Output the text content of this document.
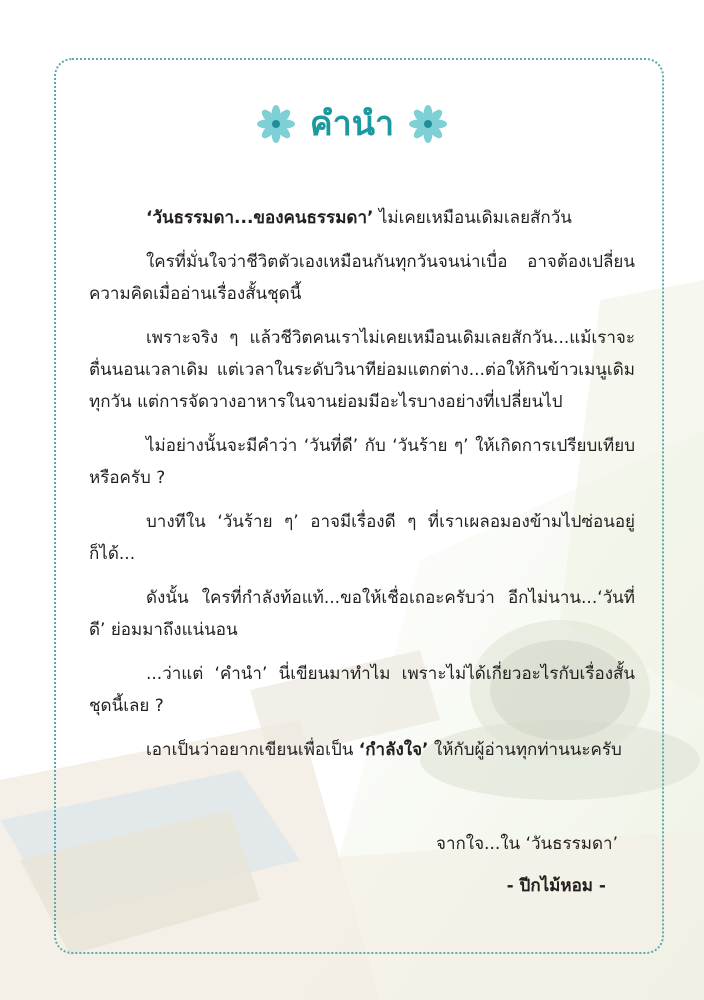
คำนำ

‘วันธรรมดา...ของคนธรรมดา’ ไม่เคยเหมือนเดิมเลยสักวัน

ใครที่มั่นใจว่าชีวิตตัวเองเหมือนกันทุกวันจนน่าเบื่อ อาจต้องเปลี่ยนความคิดเมื่ออ่านเรื่องสั้นชุดนี้

เพราะจริง ๆ แล้วชีวิตคนเราไม่เคยเหมือนเดิมเลยสักวัน...แม้เราจะตื่นนอนเวลาเดิม แต่เวลาในระดับวินาทีย่อมแตกต่าง...ต่อให้กินข้าวเมนูเดิมทุกวัน แต่การจัดวางอาหารในจานย่อมมีอะไรบางอย่างที่เปลี่ยนไป

ไม่อย่างนั้นจะมีคำว่า ‘วันที่ดี’ กับ ‘วันร้าย ๆ’ ให้เกิดการเปรียบเทียบหรือครับ ?

บางทีใน ‘วันร้าย ๆ’ อาจมีเรื่องดี ๆ ที่เราเผลอมองข้ามไปซ่อนอยู่ก็ได้...

ดังนั้น ใครที่กำลังท้อแท้...ขอให้เชื่อเถอะครับว่า อีกไม่นาน...‘วันที่ดี’ ย่อมมาถึงแน่นอน

...ว่าแต่ ‘คำนำ’ นี่เขียนมาทำไม เพราะไม่ได้เกี่ยวอะไรกับเรื่องสั้นชุดนี้เลย ?

เอาเป็นว่าอยากเขียนเพื่อเป็น ‘กำลังใจ’ ให้กับผู้อ่านทุกท่านนะครับ

จากใจ...ใน ‘วันธรรมดา’
- ปีกไม้หอม -
